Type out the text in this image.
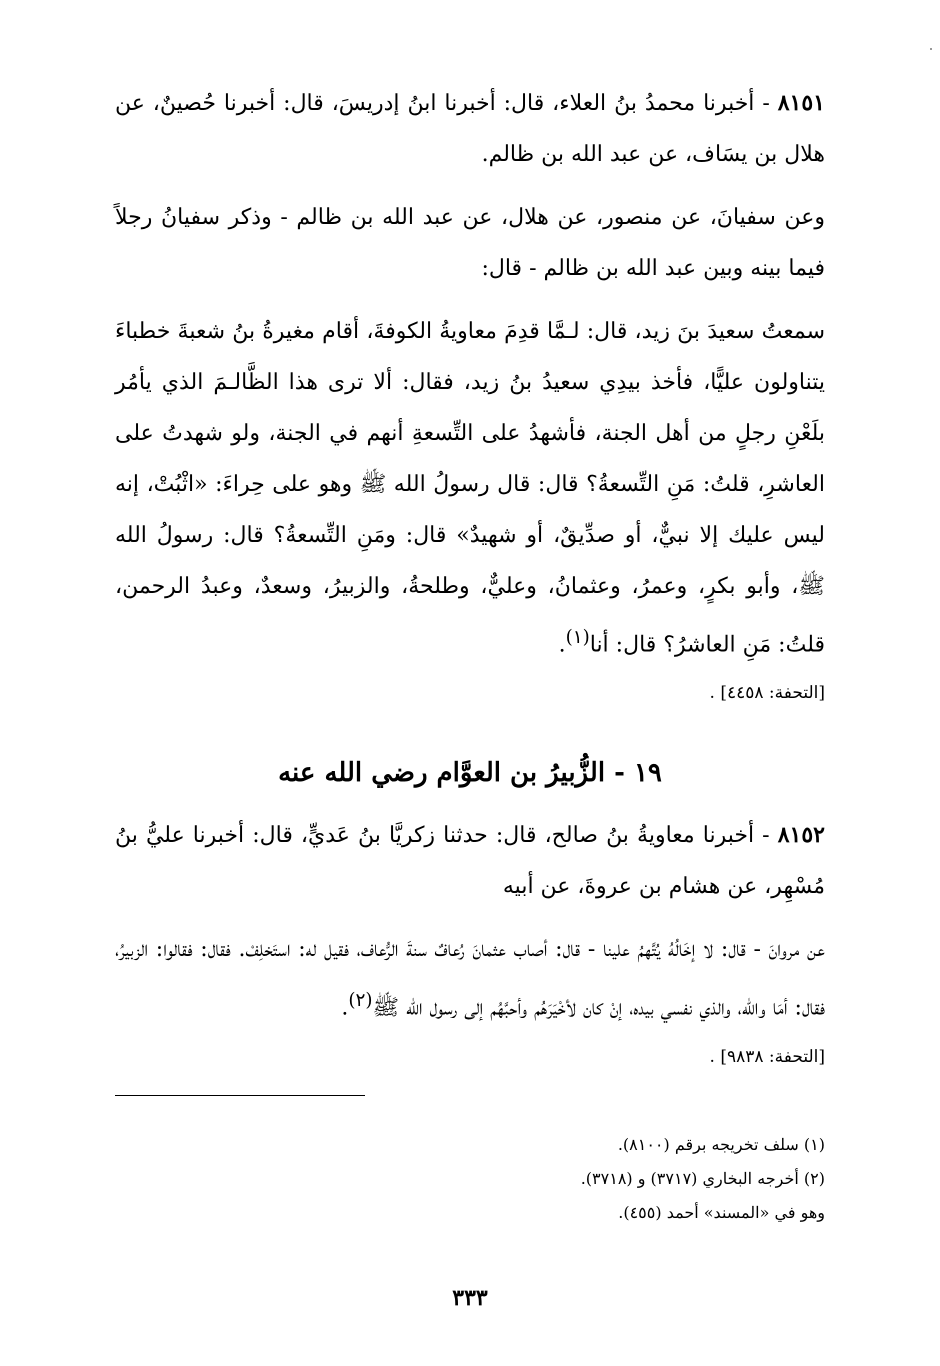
٨١٥١ - أخبرنا محمدُ بنُ العلاء، قال: أخبرنا ابنُ إدريسَ، قال: أخبرنا حُصينٌ، عن هلال بن يسَاف، عن عبد الله بن ظالم.

وعن سفيانَ، عن منصور، عن هلال، عن عبد الله بن ظالم - وذكر سفيانُ رجلاً فيما بينه وبين عبد الله بن ظالم - قال:

سمعتُ سعيدَ بنَ زيد، قال: لـمَّا قدِمَ معاويةُ الكوفةَ، أقام مغيرةُ بنُ شعبةَ خطباءَ يتناولون عليًّا، فأخذ بيدِي سعيدُ بنُ زيد، فقال: ألا ترى هذا الظَّالـمَ الذي يأمُر بلَعْنِ رجلٍ من أهل الجنة، فأشهدُ على التِّسعةِ أنهم في الجنة، ولو شهدتُ على العاشرِ، قلتُ: مَنِ التِّسعةُ؟ قال: قال رسولُ الله ﷺ وهو على حِراءَ: «اثْبُتْ، إنه ليس عليك إلا نبيٌّ، أو صدِّيقٌ، أو شهيدٌ» قال: ومَنِ التِّسعةُ؟ قال: رسولُ الله ﷺ، وأبو بكرٍ، وعمرُ، وعثمانُ، وعليٌّ، وطلحةُ، والزبيرُ، وسعدٌ، وعبدُ الرحمن، قلتُ: مَنِ العاشرُ؟ قال: أنا$^{(١)}$.

[التحفة: ٤٤٥٨] .

١٩ - الزُّبيرُ بن العوَّام رضي الله عنه

٨١٥٢ - أخبرنا معاويةُ بنُ صالح، قال: حدثنا زكريَّا بنُ عَديٍّ، قال: أخبرنا عليُّ بنُ مُسْهِر، عن هشام بن عروةَ، عن أبيه

عن مروانَ - قال: لا إخَالُهُ يُتَّهمُ علينا - قال: أصاب عثمانَ رُعافٌ سنةَ الرُّعاف، فقيل له: استَخلِفْ. فقال: فقالوا: الزبيرُ، فقال: أمَا والله، والذي نفسي بيده، إنْ كان لأخْيَرَهُم وأحبَّهُم إلى رسول الله ﷺ$^{(٢)}$.

[التحفة: ٩٨٣٨] .

(١) سلف تخريجه برقم (٨١٠٠).

(٢) أخرجه البخاري (٣٧١٧) و (٣٧١٨).

وهو في «المسند» أحمد (٤٥٥).

٣٣٣
